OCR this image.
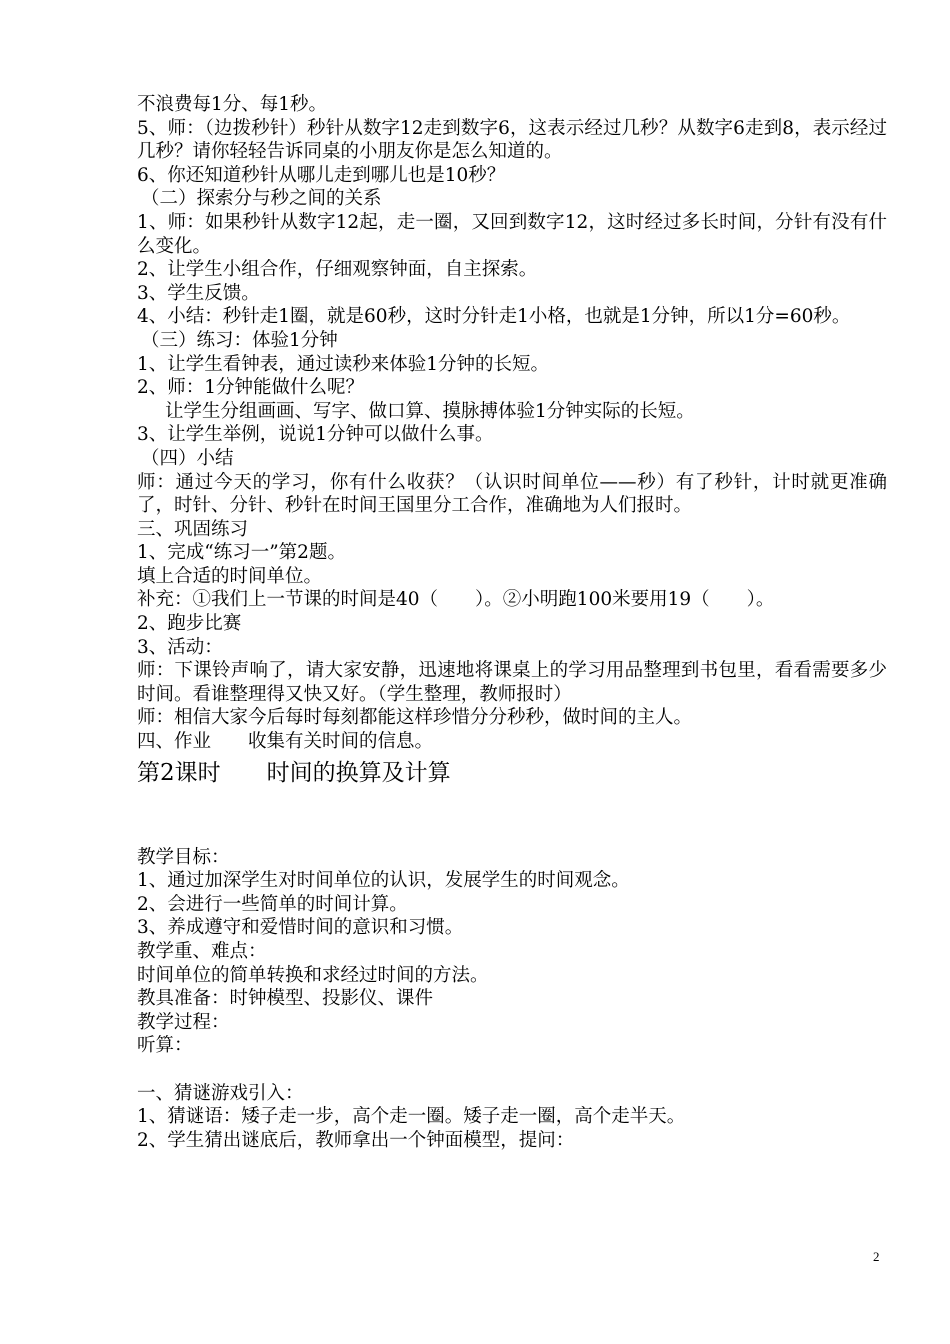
不浪费每1分、每1秒。
5、师：（边拨秒针）秒针从数字12走到数字6，这表示经过几秒？从数字6走到8，表示经过几秒？请你轻轻告诉同桌的小朋友你是怎么知道的。
6、你还知道秒针从哪儿走到哪儿也是10秒？
（二）探索分与秒之间的关系
1、师：如果秒针从数字12起，走一圈，又回到数字12，这时经过多长时间，分针有没有什么变化。
2、让学生小组合作，仔细观察钟面，自主探索。
3、学生反馈。
4、小结：秒针走1圈，就是60秒，这时分针走1小格，也就是1分钟，所以1分=60秒。
（三）练习：体验1分钟
1、让学生看钟表，通过读秒来体验1分钟的长短。
2、师：1分钟能做什么呢？
让学生分组画画、写字、做口算、摸脉搏体验1分钟实际的长短。
3、让学生举例，说说1分钟可以做什么事。
（四）小结
师：通过今天的学习，你有什么收获？（认识时间单位——秒）有了秒针，计时就更准确了，时针、分针、秒针在时间王国里分工合作，准确地为人们报时。
三、巩固练习
1、完成“练习一”第2题。
填上合适的时间单位。
补充：①我们上一节课的时间是40（　　）。②小明跑100米要用19（　　）。
2、跑步比赛
3、活动：
师：下课铃声响了，请大家安静，迅速地将课桌上的学习用品整理到书包里，看看需要多少时间。看谁整理得又快又好。（学生整理，教师报时）
师：相信大家今后每时每刻都能这样珍惜分分秒秒，做时间的主人。
四、作业　　收集有关时间的信息。
第2课时　　时间的换算及计算
教学目标：
1、通过加深学生对时间单位的认识，发展学生的时间观念。
2、会进行一些简单的时间计算。
3、养成遵守和爱惜时间的意识和习惯。
教学重、难点：
时间单位的简单转换和求经过时间的方法。
教具准备：时钟模型、投影仪、课件
教学过程：
听算：
一、猜谜游戏引入：
1、猜谜语：矮子走一步，高个走一圈。矮子走一圈，高个走半天。
2、学生猜出谜底后，教师拿出一个钟面模型，提问：
2
